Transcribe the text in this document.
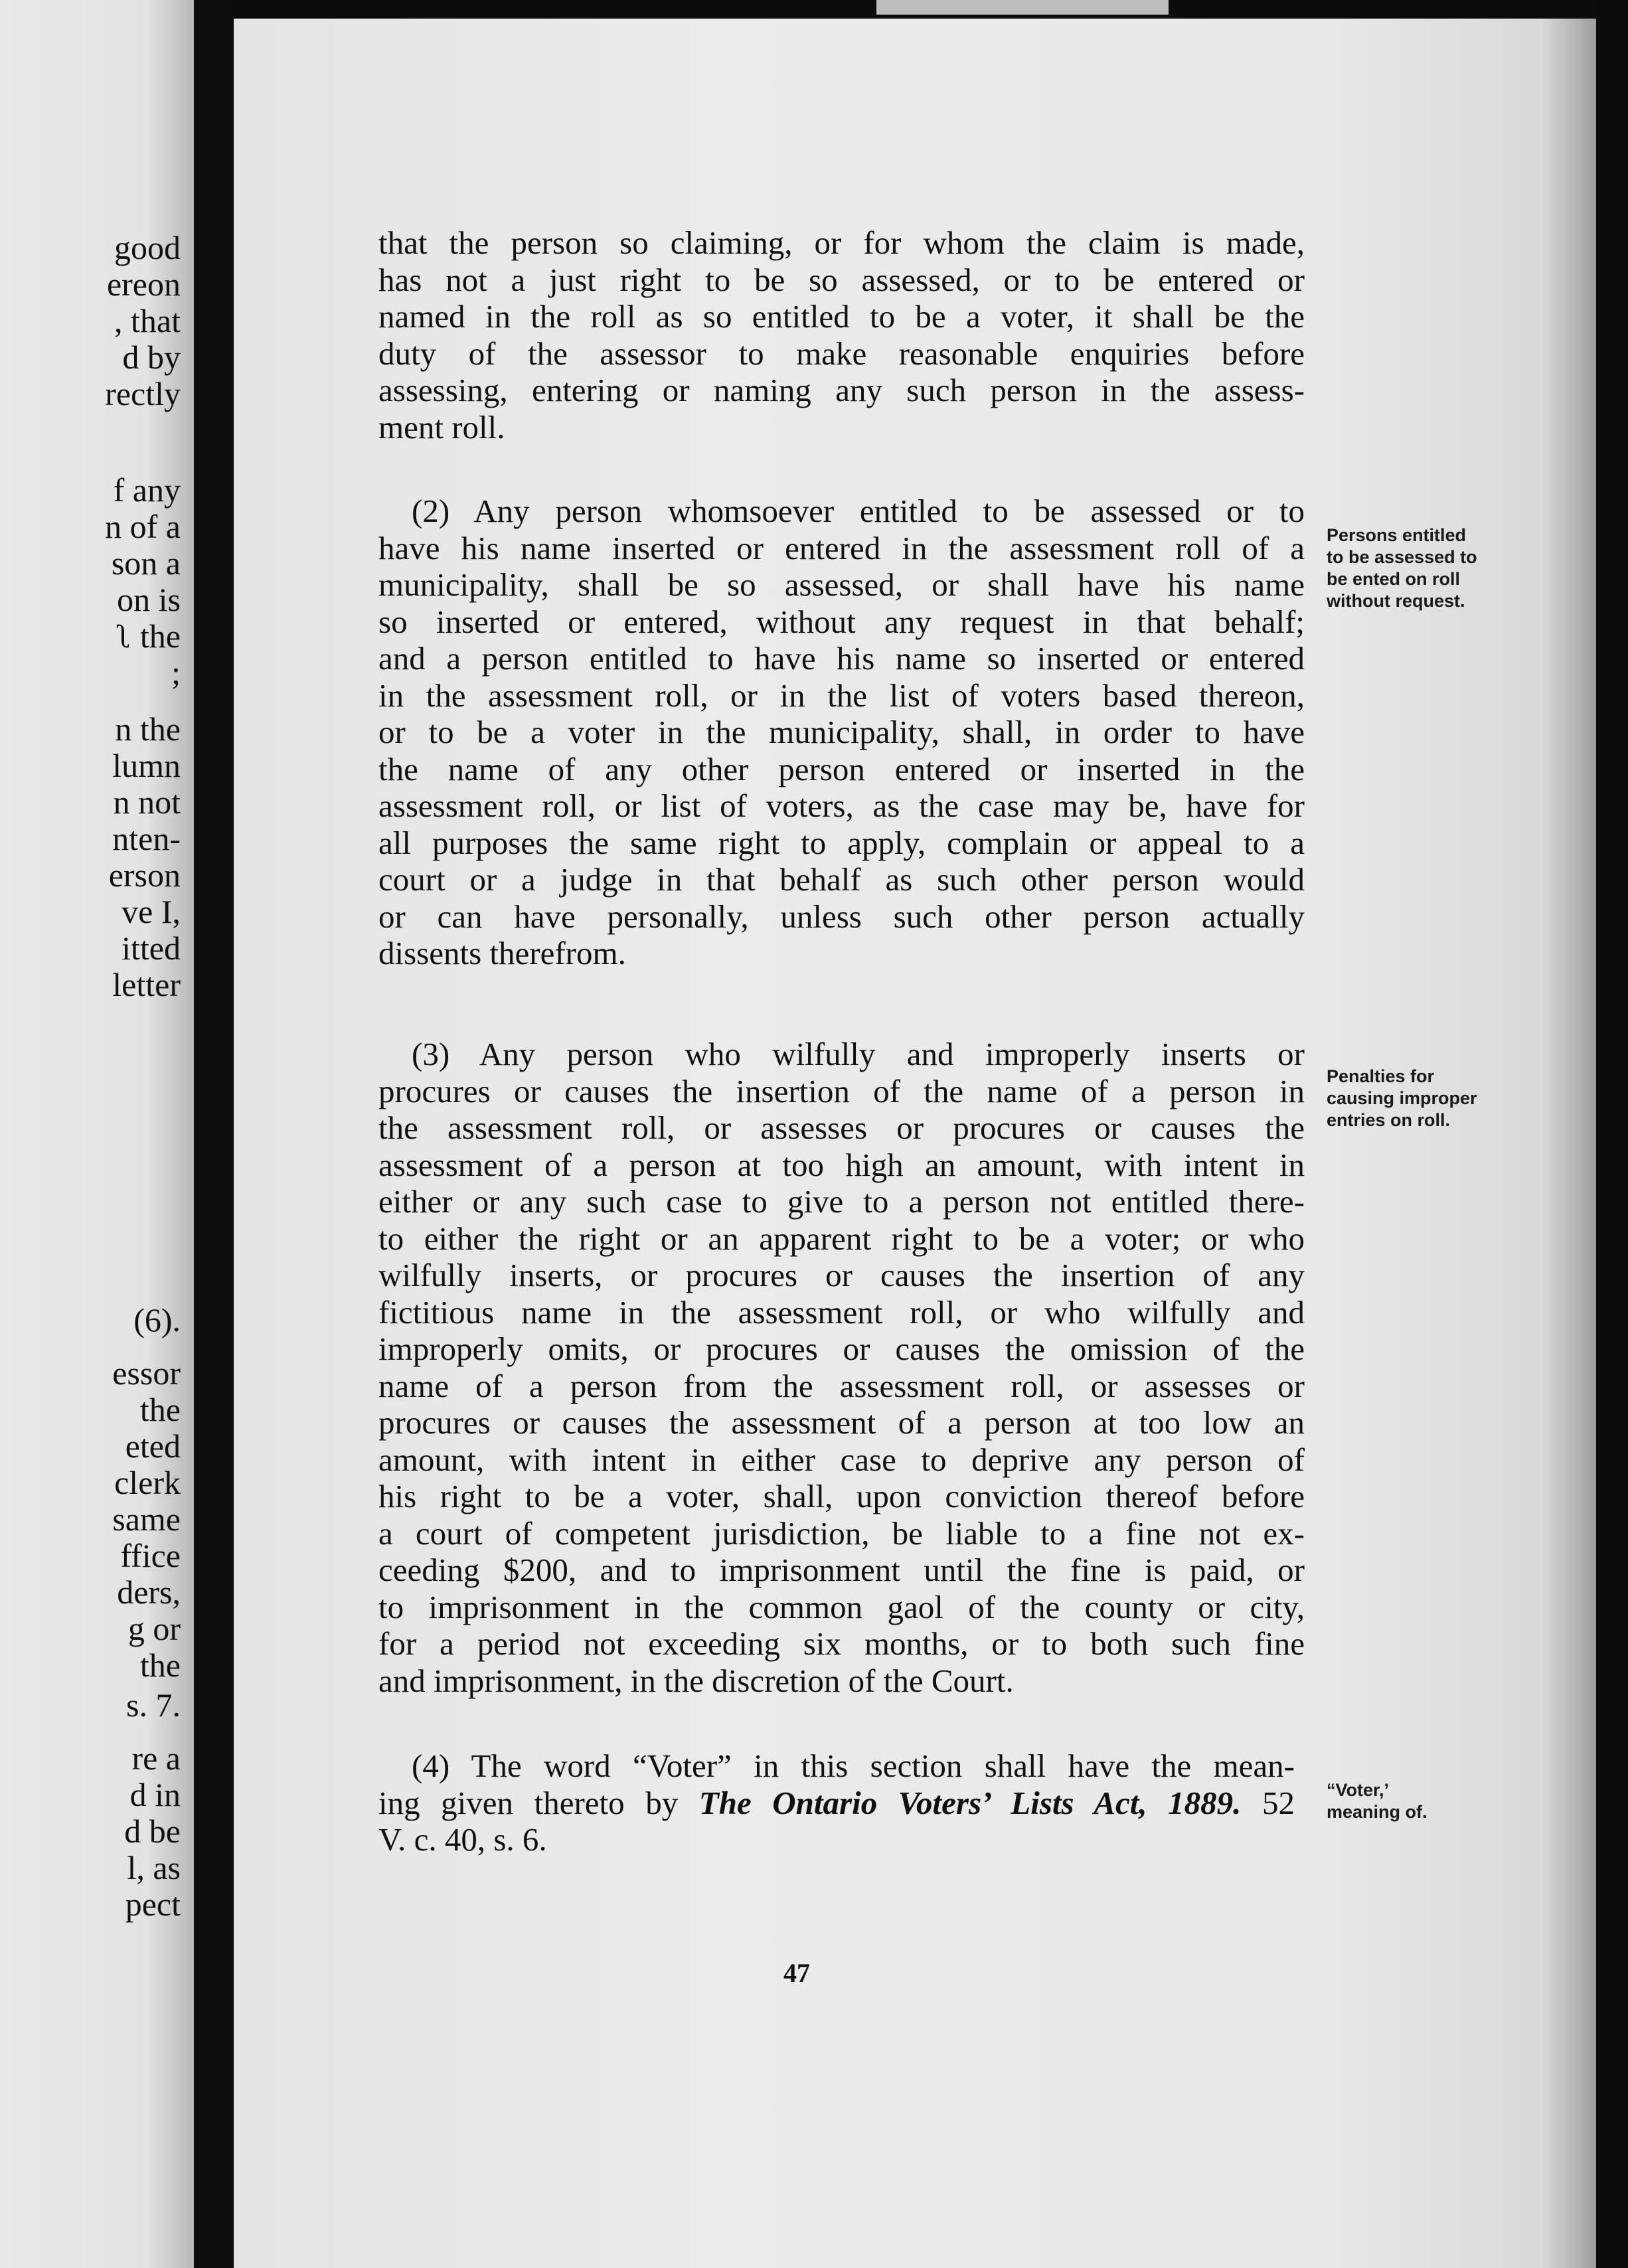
good
ereon
, that
d by
rectly
f any
n of a
son a
on is
ʅ the
;
n the
lumn
n not
nten-
erson
ve I,
itted
letter
(6).
essor
the
eted
clerk
same
ffice
ders,
g or
the
s. 7.
re a
d in
d be
l, as
pect

that the person so claiming, or for whom the claim is made,

has not a just right to be so assessed, or to be entered or

named in the roll as so entitled to be a voter, it shall be the

duty of the assessor to make reasonable enquiries before

assessing, entering or naming any such person in the assess-

ment roll.

(2) Any person whomsoever entitled to be assessed or to

have his name inserted or entered in the assessment roll of a

municipality, shall be so assessed, or shall have his name

so inserted or entered, without any request in that behalf;

and a person entitled to have his name so inserted or entered

in the assessment roll, or in the list of voters based thereon,

or to be a voter in the municipality, shall, in order to have

the name of any other person entered or inserted in the

assessment roll, or list of voters, as the case may be, have for

all purposes the same right to apply, complain or appeal to a

court or a judge in that behalf as such other person would

or can have personally, unless such other person actually

dissents therefrom.

(3) Any person who wilfully and improperly inserts or

procures or causes the insertion of the name of a person in

the assessment roll, or assesses or procures or causes the

assessment of a person at too high an amount, with intent in

either or any such case to give to a person not entitled there-

to either the right or an apparent right to be a voter; or who

wilfully inserts, or procures or causes the insertion of any

fictitious name in the assessment roll, or who wilfully and

improperly omits, or procures or causes the omission of the

name of a person from the assessment roll, or assesses or

procures or causes the assessment of a person at too low an

amount, with intent in either case to deprive any person of

his right to be a voter, shall, upon conviction thereof before

a court of competent jurisdiction, be liable to a fine not ex-

ceeding $200, and to imprisonment until the fine is paid, or

to imprisonment in the common gaol of the county or city,

for a period not exceeding six months, or to both such fine

and imprisonment, in the discretion of the Court.

(4) The word “Voter” in this section shall have the mean-

ing given thereto by The Ontario Voters’ Lists Act, 1889. 52

V. c. 40, s. 6.

Persons entitled
to be assessed to
be ented on roll
without request.
Penalties for
causing improper
entries on roll.
“Voter,’
meaning of.
47
